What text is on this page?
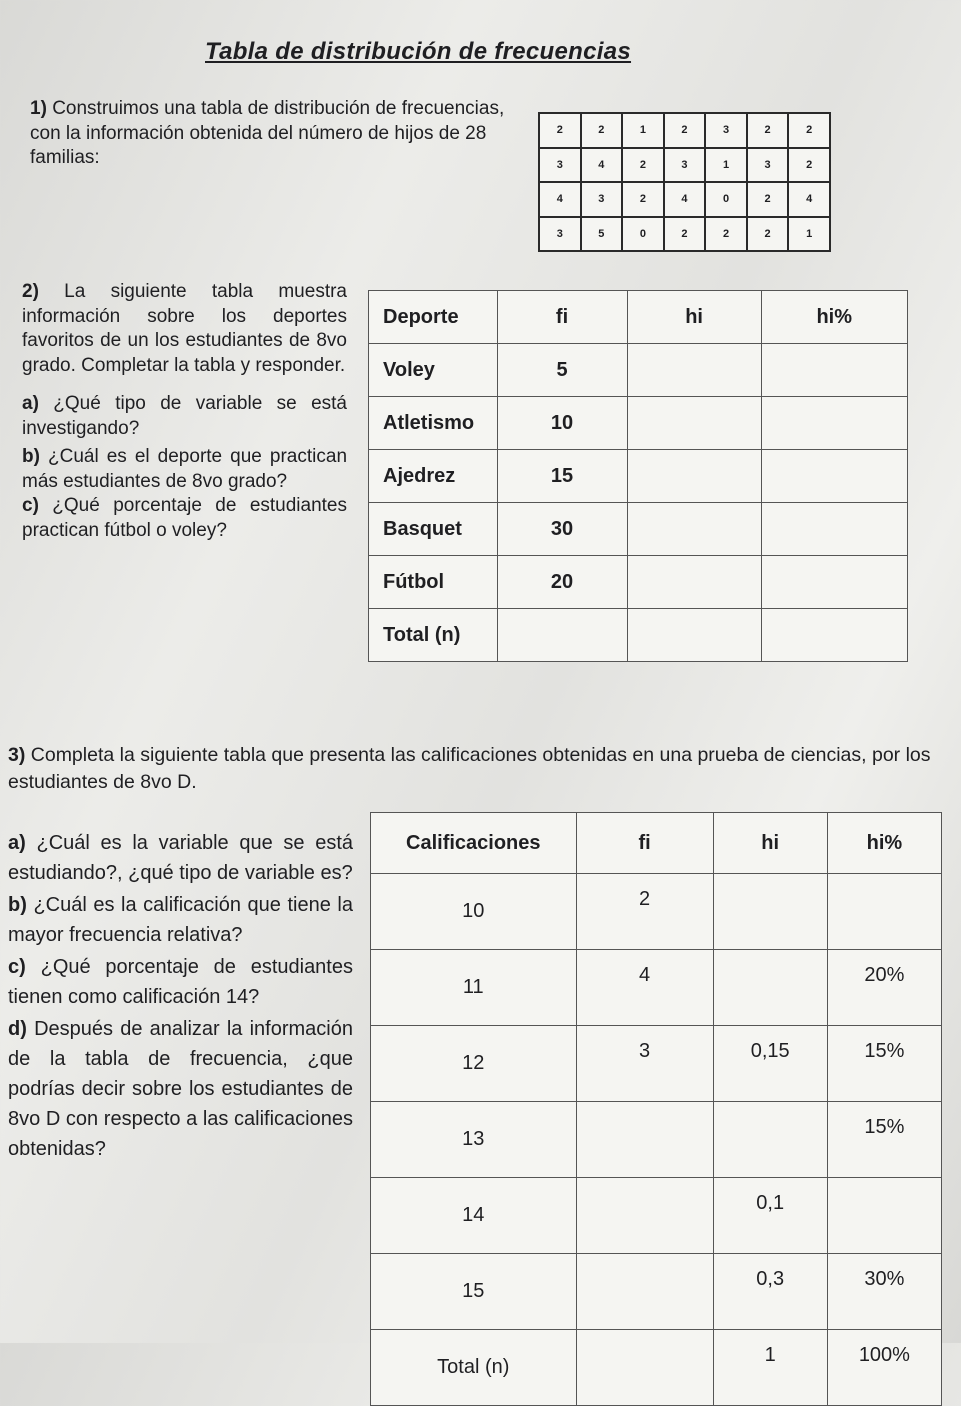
Tabla de distribución de frecuencias
1) Construimos una tabla de distribución de frecuencias, con la información obtenida del número de hijos de 28 familias:
2	2	1	2	3	2	2
3	4	2	3	1	3	2
4	3	2	4	0	2	4
3	5	0	2	2	2	1
2) La siguiente tabla muestra información sobre los deportes favoritos de un los estudiantes de 8vo grado. Completar la tabla y responder.
a) ¿Qué tipo de variable se está investigando?
b) ¿Cuál es el deporte que practican más estudiantes de 8vo grado?
c) ¿Qué porcentaje de estudiantes practican fútbol o voley?
Deporte	fi	hi	hi%
Voley	5		
Atletismo	10		
Ajedrez	15		
Basquet	30		
Fútbol	20		
Total (n)			
3) Completa la siguiente tabla que presenta las calificaciones obtenidas en una prueba de ciencias, por los estudiantes de 8vo D.
a) ¿Cuál es la variable que se está estudiando?, ¿qué tipo de variable es?
b) ¿Cuál es la calificación que tiene la mayor frecuencia relativa?
c) ¿Qué porcentaje de estudiantes tienen como calificación 14?
d) Después de analizar la información de la tabla de frecuencia, ¿que podrías decir sobre los estudiantes de 8vo D con respecto a las calificaciones obtenidas?
Calificaciones	fi	hi	hi%
10	2		
11	4		20%
12	3	0,15	15%
13			15%
14		0,1	
15		0,3	30%
Total (n)		1	100%
